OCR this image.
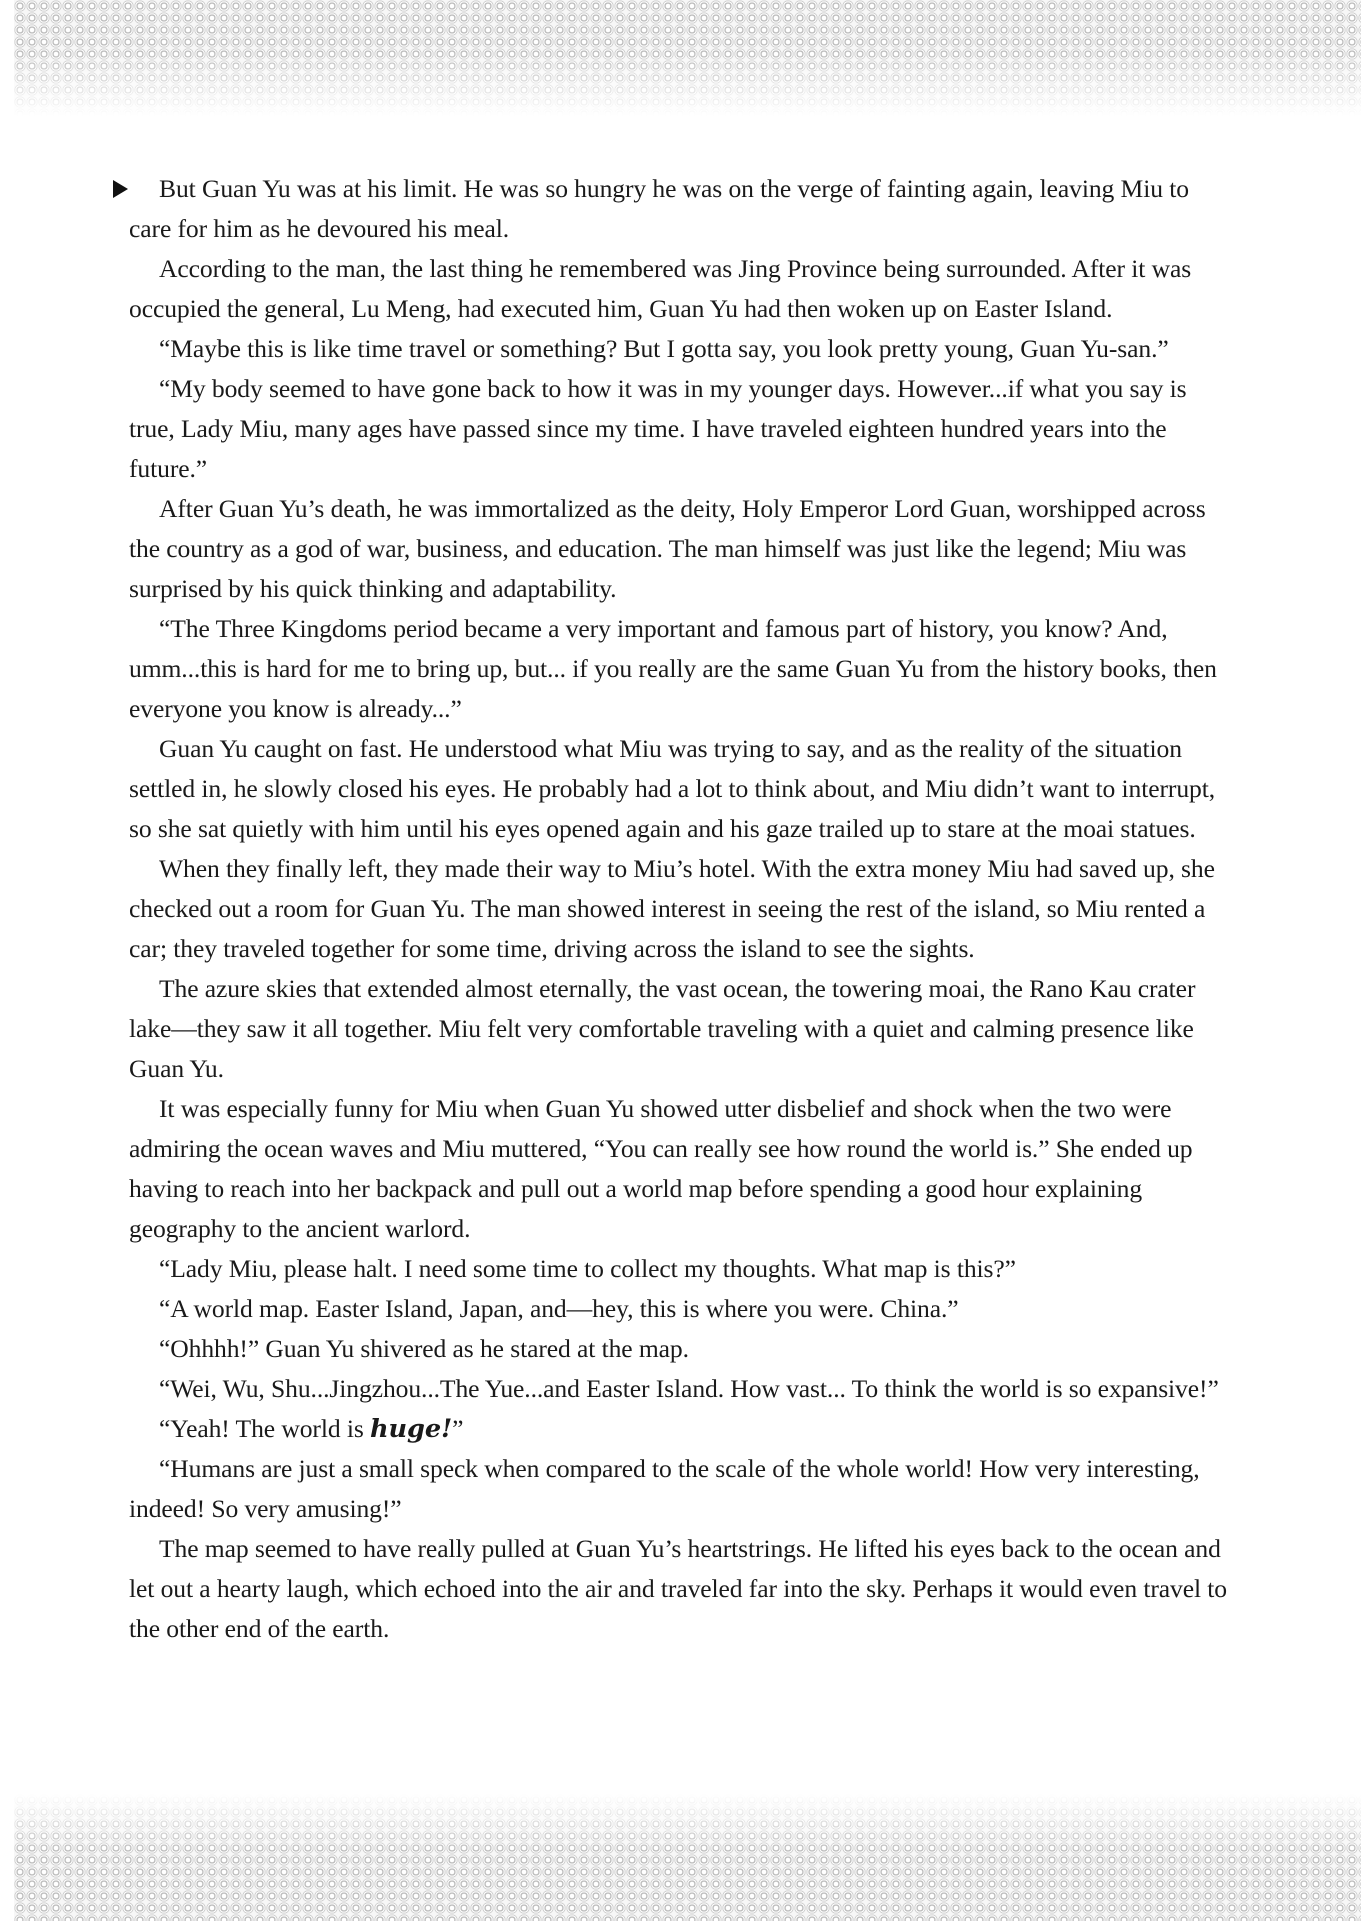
But Guan Yu was at his limit. He was so hungry he was on the verge of fainting again, leaving Miu to care for him as he devoured his meal.

According to the man, the last thing he remembered was Jing Province being surrounded. After it was occupied the general, Lu Meng, had executed him, Guan Yu had then woken up on Easter Island.

“Maybe this is like time travel or something? But I gotta say, you look pretty young, Guan Yu-san.”

“My body seemed to have gone back to how it was in my younger days. However...if what you say is true, Lady Miu, many ages have passed since my time. I have traveled eighteen hundred years into the future.”

After Guan Yu’s death, he was immortalized as the deity, Holy Emperor Lord Guan, worshipped across the country as a god of war, business, and education. The man himself was just like the legend; Miu was surprised by his quick thinking and adaptability.

“The Three Kingdoms period became a very important and famous part of history, you know? And, umm...this is hard for me to bring up, but... if you really are the same Guan Yu from the history books, then everyone you know is already...”

Guan Yu caught on fast. He understood what Miu was trying to say, and as the reality of the situation settled in, he slowly closed his eyes. He probably had a lot to think about, and Miu didn’t want to interrupt, so she sat quietly with him until his eyes opened again and his gaze trailed up to stare at the moai statues.

When they finally left, they made their way to Miu’s hotel. With the extra money Miu had saved up, she checked out a room for Guan Yu. The man showed interest in seeing the rest of the island, so Miu rented a car; they traveled together for some time, driving across the island to see the sights.

The azure skies that extended almost eternally, the vast ocean, the towering moai, the Rano Kau crater lake—they saw it all together. Miu felt very comfortable traveling with a quiet and calming presence like Guan Yu.

It was especially funny for Miu when Guan Yu showed utter disbelief and shock when the two were admiring the ocean waves and Miu muttered, “You can really see how round the world is.” She ended up having to reach into her backpack and pull out a world map before spending a good hour explaining geography to the ancient warlord.

“Lady Miu, please halt. I need some time to collect my thoughts. What map is this?”

“A world map. Easter Island, Japan, and—hey, this is where you were. China.”

“Ohhhh!” Guan Yu shivered as he stared at the map.

“Wei, Wu, Shu...Jingzhou...The Yue...and Easter Island. How vast... To think the world is so expansive!”

“Yeah! The world is huge!”

“Humans are just a small speck when compared to the scale of the whole world! How very interesting, indeed! So very amusing!”

The map seemed to have really pulled at Guan Yu’s heartstrings. He lifted his eyes back to the ocean and let out a hearty laugh, which echoed into the air and traveled far into the sky. Perhaps it would even travel to the other end of the earth.
